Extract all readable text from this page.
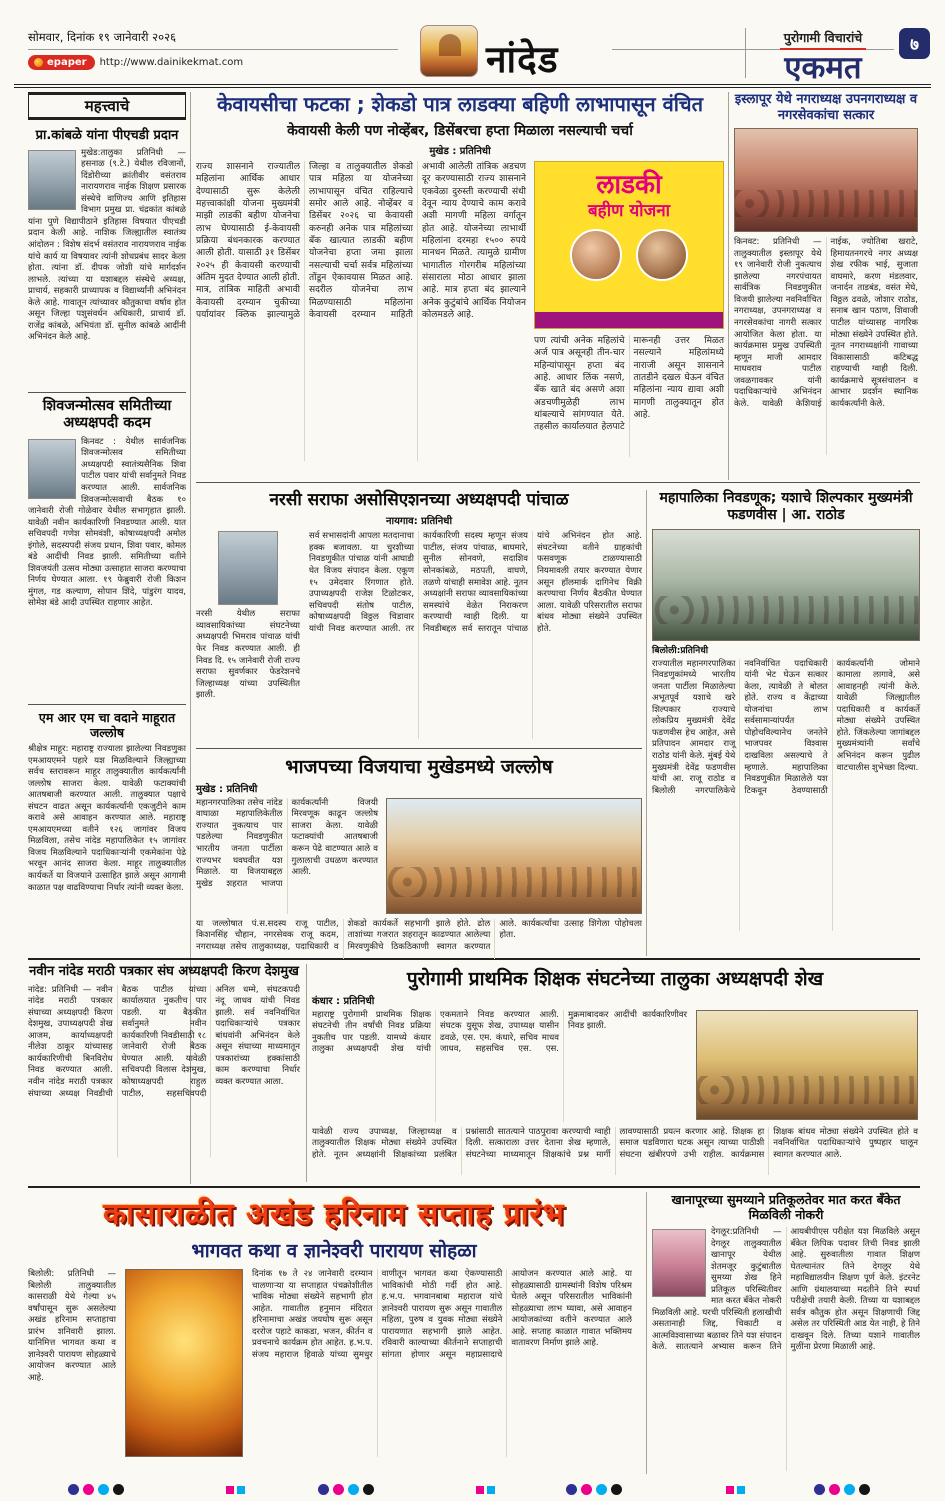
सोमवार, दिनांक १९ जानेवारी २०२६
epaper http://www.dainikekmat.com	नांदेड
पुरोगामी विचारांचे
एकमत
७
महत्त्वाचे
प्रा.कांबळे यांना पीएचडी प्रदान
मुखेड:तालुका प्रतिनिधी — हसनाळ (९.टे.) येथील रविजानों, दिंडोरीच्या क्रांतीवीर वसंतराव नारायणराव नाईक शिक्षण प्रसारक संस्थेचे वाणिज्य आणि इतिहास विभाग प्रमुख प्रा. चंद्रकांत कांबळे यांना पुणे विद्यापीठाने इतिहास विषयात पीएचडी प्रदान केली आहे. नाशिक जिल्ह्यातील स्वातंत्र्य आंदोलन : विशेष संदर्भ वसंतराव नारायणराव नाईक यांचे कार्य या विषयावर त्यांनी शोधप्रबंध सादर केला होता. त्यांना डॉ. दीपक जोशी यांचे मार्गदर्शन लाभले. त्यांच्या या यशाबद्दल संस्थेचे अध्यक्ष, प्राचार्य, सहकारी प्राध्यापक व विद्यार्थ्यांनी अभिनंदन केले आहे. गावातून त्यांच्यावर कौतुकाचा वर्षाव होत असून जिल्हा पशुसंवर्धन अधिकारी, प्राचार्य डॉ. राजेंद्र कांबळे, अभियंता डॉ. सुनील कांबळे आदींनी अभिनंदन केले आहे.
शिवजन्मोत्सव समितीच्या अध्यक्षपदी कदम
किनवट : येथील सार्वजनिक शिवजन्मोत्सव समितीच्या अध्यक्षपदी स्वातंत्र्यसैनिक शिवा पाटील पवार यांची सर्वानुमते निवड करण्यात आली. सार्वजनिक शिवजन्मोत्सवाची बैठक १० जानेवारी रोजी गोळेवार येथील सभागृहात झाली. यावेळी नवीन कार्यकारिणी निवडण्यात आली. यात सचिवपदी गणेश सोमवंशी, कोषाध्यक्षपदी अमोल इंगोले, सदस्यपदी संजय प्रधान, शिवा पवार, कोमल बंडे आदींची निवड झाली. समितीच्या वतीने शिवजयंती उत्सव मोठ्या उत्साहात साजरा करण्याचा निर्णय घेण्यात आला. १९ फेब्रुवारी रोजी किशन मुंगल, गड कल्याण, सोपान शिंदे, पांडुरंग यादव, सोमेश बंडे आदी उपस्थित राहणार आहेत.
एम आर एम चा वदाने माहूरात जल्लोष
श्रीक्षेत्र माहूर: महाराष्ट्र राज्याला झालेल्या निवडणुका एमआयएमने पहारे यश मिळविल्याने जिल्ह्याच्या सर्वच स्तरावरून माहूर तालुक्यातील कार्यकर्त्यांनी जल्लोष साजरा केला. यावेळी फटाक्यांची आतषबाजी करण्यात आली. तालुक्यात पक्षाचे संघटन वाढत असून कार्यकर्त्यांनी एकजुटीने काम करावे असे आवाहन करण्यात आले. महाराष्ट्र एमआयएमच्या वतीने १२६ जागांवर विजय मिळविला, तसेच नांदेड महापालिकेत १५ जागांवर विजय मिळविल्याने पदाधिकाऱ्यांनी एकमेकांना पेढे भरवून आनंद साजरा केला. माहूर तालुक्यातील कार्यकर्ते या विजयाने उत्साहित झाले असून आगामी काळात पक्ष वाढविण्याचा निर्धार त्यांनी व्यक्त केला.
नवीन नांदेड मराठी पत्रकार संघ अध्यक्षपदी किरण देशमुख
नांदेड: प्रतिनिधी — नवीन नांदेड मराठी पत्रकार संघाच्या अध्यक्षपदी किरण देशमुख, उपाध्यक्षपदी शेख आजम, कार्याध्यक्षपदी नीलेश ठाकूर यांच्यासह कार्यकारिणीची बिनविरोध निवड करण्यात आली. नवीन नांदेड मराठी पत्रकार संघाच्या अध्यक्ष निवडीची बैठक पाटील यांच्या कार्यालयात नुकतीच पार पडली. या बैठकीत सर्वानुमते नवीन कार्यकारिणी निवडीसाठी १८ जानेवारी रोजी बैठक घेण्यात आली. यावेळी सचिवपदी विलास देशमुख, कोषाध्यक्षपदी राहुल पाटील, सहसचिवपदी अनिल धम्मे, संघटकपदी नंदू जाधव यांची निवड झाली. सर्व नवनिर्वाचित पदाधिकाऱ्यांचे पत्रकार बांधवांनी अभिनंदन केले असून संघाच्या माध्यमातून पत्रकारांच्या हक्कांसाठी काम करण्याचा निर्धार व्यक्त करण्यात आला.
केवायसीचा फटका ; शेकडो पात्र लाडक्या बहिणी लाभापासून वंचित
केवायसी केली पण नोव्हेंबर, डिसेंबरचा हप्ता मिळाला नसल्याची चर्चा
मुखेड : प्रतिनिधी
राज्य शासनाने राज्यातील महिलांना आर्थिक आधार देण्यासाठी सुरू केलेली महत्त्वाकांक्षी योजना मुख्यमंत्री माझी लाडकी बहीण योजनेचा लाभ घेण्यासाठी ई-केवायसी प्रक्रिया बंधनकारक करण्यात आली होती. यासाठी ३१ डिसेंबर २०२५ ही केवायसी करण्याची अंतिम मुदत देण्यात आली होती. मात्र, तांत्रिक माहिती अभावी केवायसी दरम्यान चुकीच्या पर्यायांवर क्लिक झाल्यामुळे जिल्हा व तालुक्यातील शेकडो पात्र महिला या योजनेच्या लाभापासून वंचित राहिल्याचे समोर आले आहे. नोव्हेंबर व डिसेंबर २०२६ चा केवायसी करुनही अनेक पात्र महिलांच्या बँक खात्यात लाडकी बहीण योजनेचा हप्ता जमा झाला नसल्याची चर्चा सर्वत्र महिलांच्या तोंडून ऐकावयास मिळत आहे. सदरील योजनेचा लाभ मिळण्यासाठी महिलांना केवायसी दरम्यान माहिती अभावी आलेली तांत्रिक अडचण दूर करण्यासाठी राज्य शासनाने एकवेळा दुरुस्ती करण्याची संधी देवून न्याय देण्याचे काम करावे अशी मागणी महिला वर्गातून होत आहे. योजनेच्या लाभार्थी महिलांना दरमहा १५०० रुपये मानधन मिळते. त्यामुळे ग्रामीण भागातील गोरगरीब महिलांच्या संसाराला मोठा आधार झाला आहे. मात्र हप्ता बंद झाल्याने अनेक कुटुंबांचे आर्थिक नियोजन कोलमडले आहे.
लाडकी
बहीण योजना
पण त्यांची अनेक महिलांचे अर्ज पात्र असूनही तीन-चार महिन्यांपासून हप्ता बंद आहे. आधार लिंक नसणे, बँक खाते बंद असणे अशा अडचणीमुळेही लाभ थांबल्याचे सांगण्यात येते. तहसील कार्यालयात हेलपाटे मारूनही उत्तर मिळत नसल्याने महिलांमध्ये नाराजी असून शासनाने तातडीने दखल घेऊन वंचित महिलांना न्याय द्यावा अशी मागणी तालुक्यातून होत आहे.
इस्लापूर येथे नगराध्यक्ष उपनगराध्यक्ष व नगरसेवकांचा सत्कार
किनवट: प्रतिनिधी — तालुक्यातील इस्लापूर येथे १९ जानेवारी रोजी नुकत्याच झालेल्या नगरपंचायत सार्वत्रिक निवडणुकीत विजयी झालेल्या नवनिर्वाचित नगराध्यक्ष, उपनगराध्यक्ष व नगरसेवकांचा नागरी सत्कार आयोजित केला होता. या कार्यक्रमास प्रमुख उपस्थिती म्हणून माजी आमदार माधवराव पाटील जवळगावकर यांनी पदाधिकाऱ्यांचे अभिनंदन केले. यावेळी केशियाई नाईक, ज्योतिबा खराटे, हिमायतनगरचे नगर अध्यक्ष शेख रफीक भाई, सुजाता वाघमारे, करण मंडलवार, जनार्दन ताडबंड, वसंत मेघे, विठ्ठल ढवळे, जोशार राठोड, सनाब खान पठाण, शिवाजी पाटील यांच्यासह नागरिक मोठ्या संख्येने उपस्थित होते. नूतन नगराध्यक्षांनी गावाच्या विकासासाठी कटिबद्ध राहण्याची ग्वाही दिली. कार्यक्रमाचे सूत्रसंचालन व आभार प्रदर्शन स्थानिक कार्यकर्त्यांनी केले.
नरसी सराफा असोसिएशनच्या अध्यक्षपदी पांचाळ
नायगाव: प्रतिनिधी
नरसी येथील सराफा व्यावसायिकांच्या संघटनेच्या अध्यक्षपदी भिमराव पांचाळ यांची फेर निवड करण्यात आली. ही निवड दि. १५ जानेवारी रोजी राज्य सराफा सुवर्णकार फेडरेशनचे जिल्हाध्यक्ष यांच्या उपस्थितीत झाली.
सर्व सभासदांनी आपला मतदानाचा हक्क बजावला. या चुरशीच्या निवडणुकीत पांचाळ यांनी आघाडी घेत विजय संपादन केला. एकूण १५ उमेदवार रिंगणात होते. उपाध्यक्षपदी राजेश टिळोटकर, सचिवपदी संतोष पाटील, कोषाध्यक्षपदी विठ्ठल चिडावार यांची निवड करण्यात आली. तर कार्यकारिणी सदस्य म्हणून संजय पाटील, संजय पांचाळ, बाघमारे, सुनील सोनवणे, सदाशिव सोनकांबळे, मठपती, वाघणे, तळणे यांचाही समावेश आहे. नूतन अध्यक्षांनी सराफा व्यावसायिकांच्या समस्यांचे वेळेत निराकरण करण्याची ग्वाही दिली. या निवडीबद्दल सर्व स्तरातून पांचाळ यांचे अभिनंदन होत आहे. संघटनेच्या वतीने ग्राहकांची फसवणूक टाळण्यासाठी नियमावली तयार करण्यात येणार असून हॉलमार्क दागिनेच विक्री करण्याचा निर्णय बैठकीत घेण्यात आला. यावेळी परिसरातील सराफा बांधव मोठ्या संख्येने उपस्थित होते.
महापालिका निवडणूक; यशाचे शिल्पकार मुख्यमंत्री फडणवीस | आ. राठोड
बिलोली:प्रतिनिधी
राज्यातील महानगरपालिका निवडणुकांमध्ये भारतीय जनता पार्टीला मिळालेल्या अभूतपूर्व यशाचे खरे शिल्पकार राज्याचे लोकप्रिय मुख्यमंत्री देवेंद्र फडणवीस हेच आहेत, असे प्रतिपादन आमदार राजू राठोड यांनी केले. मुंबई येथे मुख्यमंत्री देवेंद्र फडणवीस यांची आ. राजू राठोड व बिलोली नगरपालिकेचे नवनिर्वाचित पदाधिकारी यांनी भेट घेऊन सत्कार केला, त्यावेळी ते बोलत होते. राज्य व केंद्राच्या योजनांचा लाभ सर्वसामान्यांपर्यंत पोहोचविल्यानेच जनतेने भाजपवर विश्वास दाखविला असल्याचे ते म्हणाले. महापालिका निवडणुकीत मिळालेले यश टिकवून ठेवण्यासाठी कार्यकर्त्यांनी जोमाने कामाला लागावे, असे आवाहनही त्यांनी केले. यावेळी जिल्ह्यातील पदाधिकारी व कार्यकर्ते मोठ्या संख्येने उपस्थित होते. जिंकलेल्या जागांबद्दल मुख्यमंत्र्यांनी सर्वांचे अभिनंदन करून पुढील वाटचालीस शुभेच्छा दिल्या.
भाजपच्या विजयाचा मुखेडमध्ये जल्लोष
मुखेड : प्रतिनिधी
महानगरपालिका तसेच नांदेड वाघाळा महापालिकेतील राज्यात नुकत्याच पार पडलेल्या निवडणुकीत भारतीय जनता पार्टीला राज्यभर घवघवीत यश मिळाले. या विजयाबद्दल मुखेड शहरात भाजपा कार्यकर्त्यांनी विजयी मिरवणूक काढून जल्लोष साजरा केला. यावेळी फटाक्यांची आतषबाजी करून पेढे वाटण्यात आले व गुलालाची उधळण करण्यात आली.
या जल्लोषात पं.स.सदस्य राजू पाटील, किशनसिंह चौहान, नगरसेवक राजू कदम, नगराध्यक्ष तसेच तालुकाध्यक्ष, पदाधिकारी व शेकडो कार्यकर्ते सहभागी झाले होते. ढोल ताशांच्या गजरात शहरातून काढण्यात आलेल्या मिरवणुकीचे ठिकठिकाणी स्वागत करण्यात आले. कार्यकर्त्यांचा उत्साह शिगेला पोहोचला होता.
पुरोगामी प्राथमिक शिक्षक संघटनेच्या तालुका अध्यक्षपदी शेख
कंधार : प्रतिनिधी
महाराष्ट्र पुरोगामी प्राथमिक शिक्षक संघटनेची तीन वर्षांची निवड प्रक्रिया नुकतीच पार पडली. यामध्ये कंधार तालुका अध्यक्षपदी शेख यांची एकमताने निवड करण्यात आली. संघटक युसूफ शेख, उपाध्यक्ष यासीन ढवळे, एस. एम. कंधारे, सचिव माधव जाधव, सहसचिव एस. एस. मुक्रमाबादकर आदींची कार्यकारिणीवर निवड झाली.
यावेळी राज्य उपाध्यक्ष, जिल्हाध्यक्ष व तालुक्यातील शिक्षक मोठ्या संख्येने उपस्थित होते. नूतन अध्यक्षांनी शिक्षकांच्या प्रलंबित प्रश्नांसाठी सातत्याने पाठपुरावा करण्याची ग्वाही दिली. सत्काराला उत्तर देताना शेख म्हणाले, संघटनेच्या माध्यमातून शिक्षकांचे प्रश्न मार्गी लावण्यासाठी प्रयत्न करणार आहे. शिक्षक हा समाज घडविणारा घटक असून त्याच्या पाठीशी संघटना खंबीरपणे उभी राहील. कार्यक्रमास शिक्षक बांधव मोठ्या संख्येने उपस्थित होते व नवनिर्वाचित पदाधिकाऱ्यांचे पुष्पहार घालून स्वागत करण्यात आले.
कासाराळीत अखंड हरिनाम सप्ताह प्रारंभ
भागवत कथा व ज्ञानेश्वरी पारायण सोहळा
बिलोली: प्रतिनिधी — बिलोली तालुक्यातील कासराळी येथे गेल्या ४५ वर्षांपासून सुरू असलेल्या अखंड हरिनाम सप्ताहाचा प्रारंभ शनिवारी झाला. यानिमित्त भागवत कथा व ज्ञानेश्वरी पारायण सोहळ्याचे आयोजन करण्यात आले आहे.
दिनांक १७ ते २४ जानेवारी दरम्यान चालणाऱ्या या सप्ताहात पंचक्रोशीतील भाविक मोठ्या संख्येने सहभागी होत आहेत. गावातील हनुमान मंदिरात हरिनामाचा अखंड जयघोष सुरू असून दररोज पहाटे काकडा, भजन, कीर्तन व प्रवचनाचे कार्यक्रम होत आहेत. ह.भ.प. संजय महाराज हिवाळे यांच्या सुमधुर वाणीतून भागवत कथा ऐकण्यासाठी भाविकांची मोठी गर्दी होत आहे. ह.भ.प. भगवानबाबा महाराज यांचे ज्ञानेश्वरी पारायण सुरू असून गावातील महिला, पुरुष व युवक मोठ्या संख्येने पारायणात सहभागी झाले आहेत. रविवारी काल्याच्या कीर्तनाने सप्ताहाची सांगता होणार असून महाप्रसादाचे आयोजन करण्यात आले आहे. या सोहळ्यासाठी ग्रामस्थांनी विशेष परिश्रम घेतले असून परिसरातील भाविकांनी सोहळ्याचा लाभ घ्यावा, असे आवाहन आयोजकांच्या वतीने करण्यात आले आहे. सप्ताह काळात गावात भक्तिमय वातावरण निर्माण झाले आहे.
खानापूरच्या सुमय्याने प्रतिकूलतेवर मात करत बँकेत मिळविली नोकरी
देगलूर:प्रतिनिधी — देगलूर तालुक्यातील खानापूर येथील शेतमजूर कुटुंबातील सुमय्या शेख हिने प्रतिकूल परिस्थितीवर मात करत बँकेत नोकरी मिळविली आहे. घरची परिस्थिती हलाखीची असतानाही जिद्द, चिकाटी व आत्मविश्वासाच्या बळावर तिने यश संपादन केले. सातत्याने अभ्यास करून तिने आयबीपीएस परीक्षेत यश मिळविले असून बँकेत लिपिक पदावर तिची निवड झाली आहे. सुरुवातीला गावात शिक्षण घेतल्यानंतर तिने देगलूर येथे महाविद्यालयीन शिक्षण पूर्ण केले. इंटरनेट आणि ग्रंथालयाच्या मदतीने तिने स्पर्धा परीक्षेची तयारी केली. तिच्या या यशाबद्दल सर्वत्र कौतुक होत असून शिक्षणाची जिद्द असेल तर परिस्थिती आड येत नाही, हे तिने दाखवून दिले. तिच्या यशाने गावातील मुलींना प्रेरणा मिळाली आहे.
